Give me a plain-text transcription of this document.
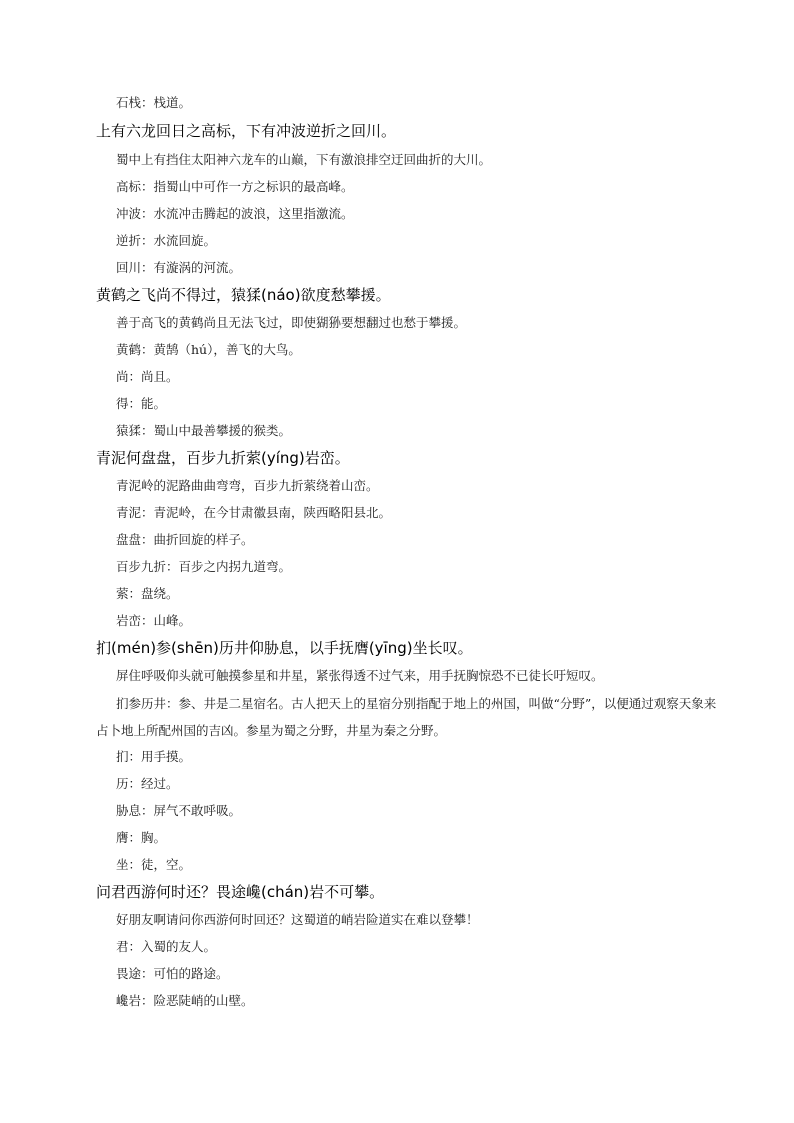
石栈：栈道。
上有六龙回日之高标，下有冲波逆折之回川。
蜀中上有挡住太阳神六龙车的山巅，下有激浪排空迂回曲折的大川。
高标：指蜀山中可作一方之标识的最高峰。
冲波：水流冲击腾起的波浪，这里指激流。
逆折：水流回旋。
回川：有漩涡的河流。
黄鹤之飞尚不得过，猿猱(náo)欲度愁攀援。
善于高飞的黄鹤尚且无法飞过，即使猢狲要想翻过也愁于攀援。
黄鹤：黄鹄（hú），善飞的大鸟。
尚：尚且。
得：能。
猿猱：蜀山中最善攀援的猴类。
青泥何盘盘，百步九折萦(yíng)岩峦。
青泥岭的泥路曲曲弯弯，百步九折萦绕着山峦。
青泥：青泥岭，在今甘肃徽县南，陕西略阳县北。
盘盘：曲折回旋的样子。
百步九折：百步之内拐九道弯。
萦：盘绕。
岩峦：山峰。
扪(mén)参(shēn)历井仰胁息，以手抚膺(yīng)坐长叹。
屏住呼吸仰头就可触摸参星和井星，紧张得透不过气来，用手抚胸惊恐不已徒长吁短叹。
扪参历井：参、井是二星宿名。古人把天上的星宿分别指配于地上的州国，叫做“分野”，以便通过观察天象来占卜地上所配州国的吉凶。参星为蜀之分野，井星为秦之分野。
扪：用手摸。
历：经过。
胁息：屏气不敢呼吸。
膺：胸。
坐：徒，空。
问君西游何时还？畏途巉(chán)岩不可攀。
好朋友啊请问你西游何时回还？这蜀道的峭岩险道实在难以登攀！
君：入蜀的友人。
畏途：可怕的路途。
巉岩：险恶陡峭的山壁。
